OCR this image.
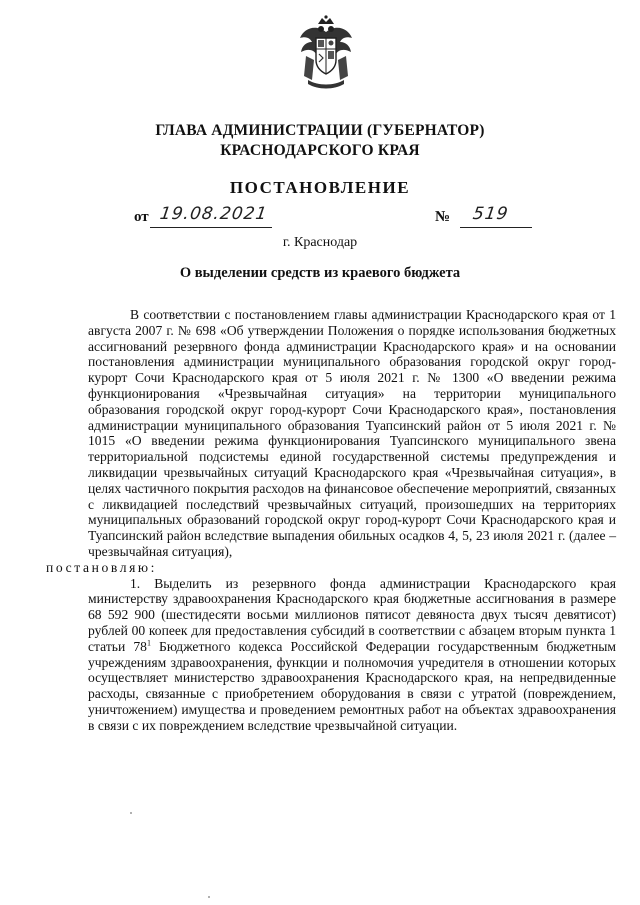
ГЛАВА АДМИНИСТРАЦИИ (ГУБЕРНАТОР)
КРАСНОДАРСКОГО КРАЯ
ПОСТАНОВЛЕНИЕ
от 19.08.2021	№ 519
г. Краснодар
О выделении средств из краевого бюджета

В соответствии с постановлением главы администрации Краснодарского края от 1 августа 2007 г. № 698 «Об утверждении Положения о порядке использования бюджетных ассигнований резервного фонда администрации Краснодарского края» и на основании постановления администрации муниципального образования городской округ город-курорт Сочи Краснодарского края от 5 июля 2021 г. № 1300 «О введении режима функционирования «Чрезвычайная ситуация» на территории муниципального образования городской округ город-курорт Сочи Краснодарского края», постановления администрации муниципального образования Туапсинский район от 5 июля 2021 г. № 1015 «О введении режима функционирования Туапсинского муниципального звена территориальной подсистемы единой государственной системы предупреждения и ликвидации чрезвычайных ситуаций Краснодарского края «Чрезвычайная ситуация», в целях частичного покрытия расходов на финансовое обеспечение мероприятий, связанных с ликвидацией последствий чрезвычайных ситуаций, произошедших на территориях муниципальных образований городской округ город-курорт Сочи Краснодарского края и Туапсинский район вследствие выпадения обильных осадков 4, 5, 23 июля 2021 г. (далее – чрезвычайная ситуация),
постановляю:

1. Выделить из резервного фонда администрации Краснодарского края министерству здравоохранения Краснодарского края бюджетные ассигнования в размере 68 592 900 (шестидесяти восьми миллионов пятисот девяноста двух тысяч девятисот) рублей 00 копеек для предоставления субсидий в соответствии с абзацем вторым пункта 1 статьи $78^1$ Бюджетного кодекса Российской Федерации государственным бюджетным учреждениям здравоохранения, функции и полномочия учредителя в отношении которых осуществляет министерство здравоохранения Краснодарского края, на непредвиденные расходы, связанные с приобретением оборудования в связи с утратой (повреждением, уничтожением) имущества и проведением ремонтных работ на объектах здравоохранения в связи с их повреждением вследствие чрезвычайной ситуации.
